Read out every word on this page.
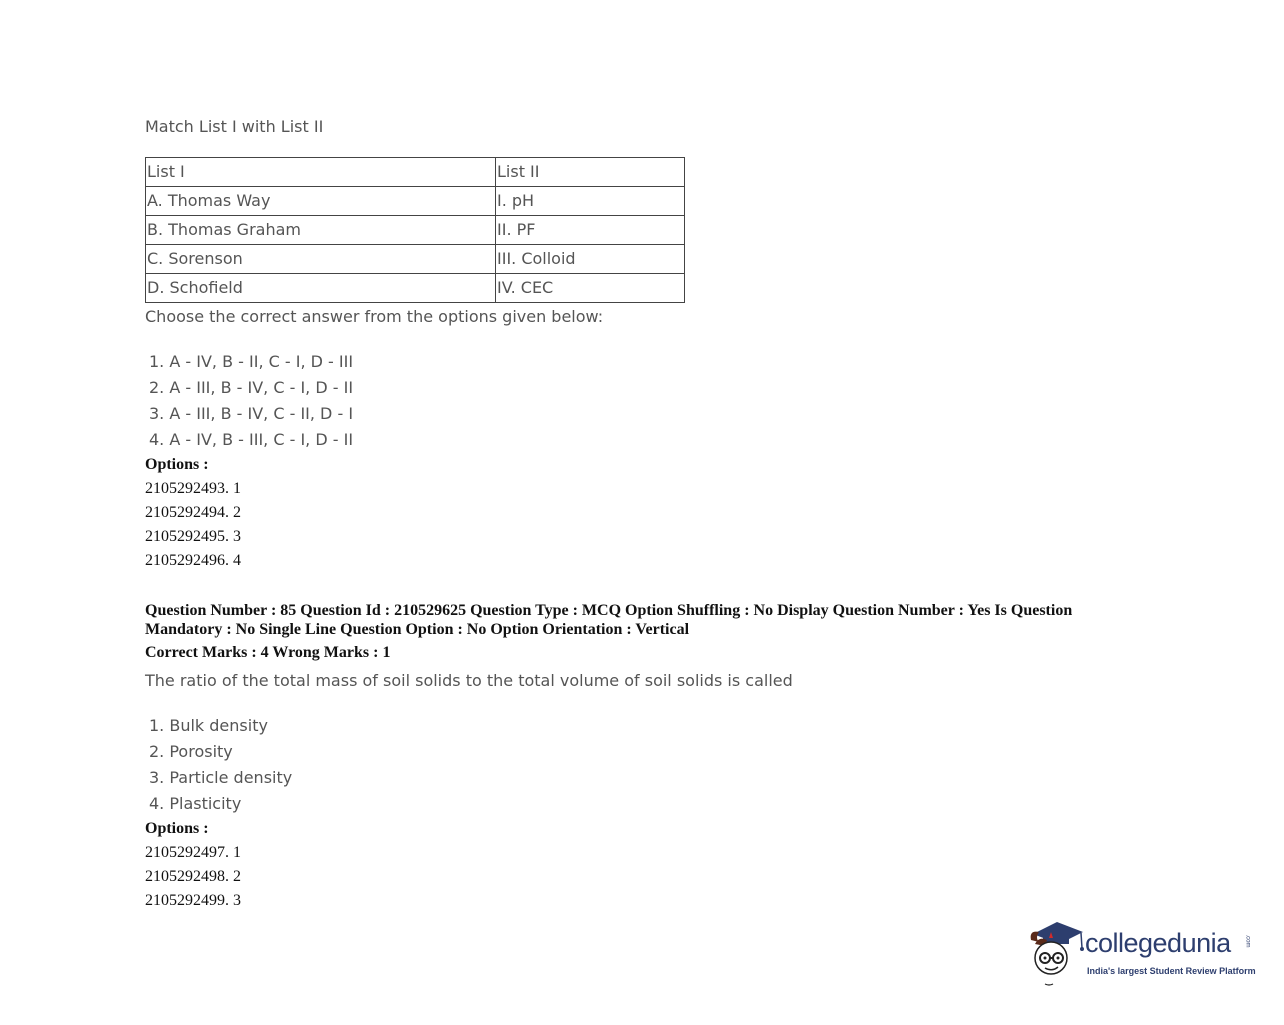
Match List I with List II
List I	List II
A. Thomas Way	I. pH
B. Thomas Graham	II. PF
C. Sorenson	III. Colloid
D. Schofield	IV. CEC
Choose the correct answer from the options given below:
1. A - IV, B - II, C - I, D - III
2. A - III, B - IV, C - I, D - II
3. A - III, B - IV, C - II, D - I
4. A - IV, B - III, C - I, D - II
Options :
2105292493. 1
2105292494. 2
2105292495. 3
2105292496. 4
Question Number : 85 Question Id : 210529625 Question Type : MCQ Option Shuffling : No Display Question Number : Yes Is Question
Mandatory : No Single Line Question Option : No Option Orientation : Vertical
Correct Marks : 4 Wrong Marks : 1
The ratio of the total mass of soil solids to the total volume of soil solids is called
1. Bulk density
2. Porosity
3. Particle density
4. Plasticity
Options :
2105292497. 1
2105292498. 2
2105292499. 3
collegedunia .com
India's largest Student Review Platform
